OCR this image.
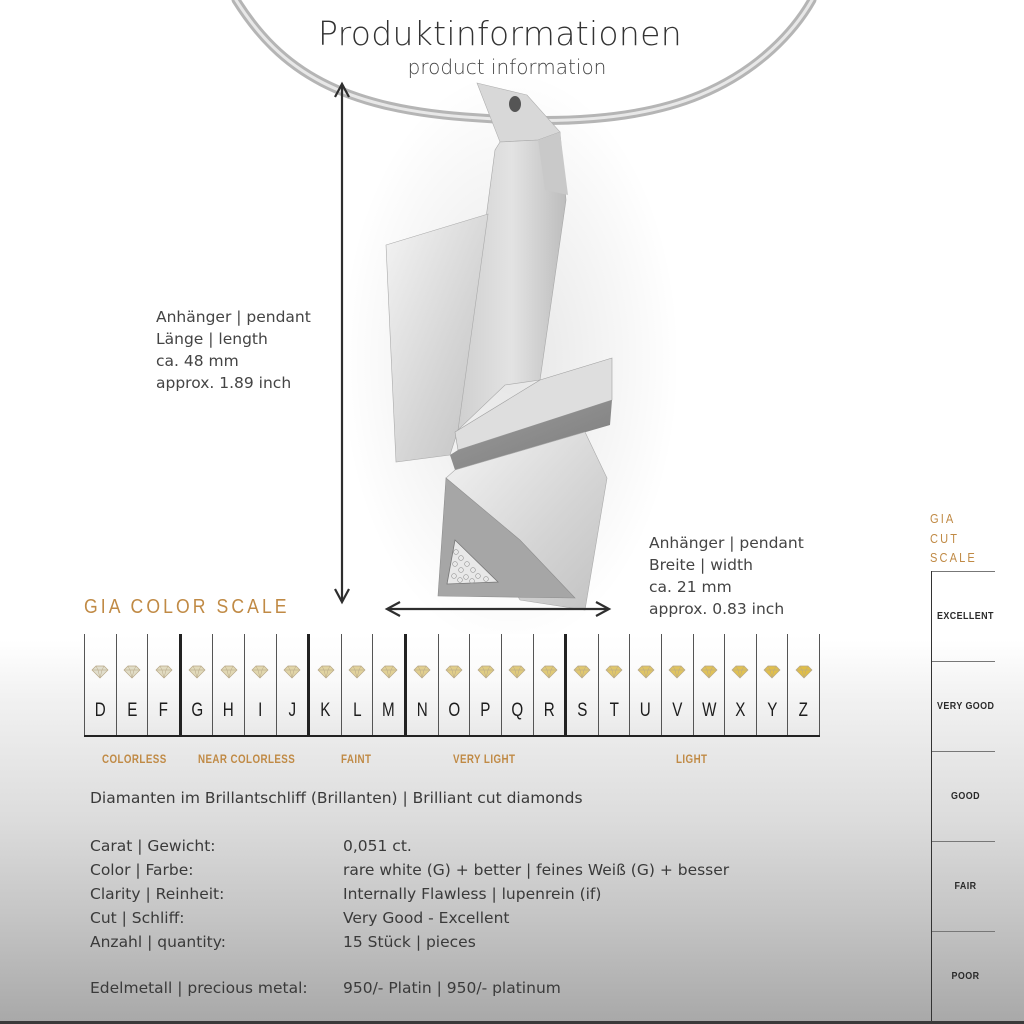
Produktinformationen
product information
Anhänger | pendant
Länge | length
ca. 48 mm
approx. 1.89 inch
Anhänger | pendant
Breite | width
ca. 21 mm
approx. 0.83 inch
GIA COLOR SCALE
D	E	F	G	H	I	J	K	L	M	N	O	P	Q	R	S	T	U	V	W	X	Y	Z
COLORLESS	NEAR COLORLESS	FAINT	VERY LIGHT	LIGHT
Diamanten im Brillantschliff (Brillanten) | Brilliant cut diamonds
Carat | Gewicht:	0,051 ct.
Color | Farbe:	rare white (G) + better | feines Weiß (G) + besser
Clarity | Reinheit:	Internally Flawless | lupenrein (if)
Cut | Schliff:	Very Good - Excellent
Anzahl | quantity:	15 Stück | pieces
Edelmetall | precious metal:	950/- Platin | 950/- platinum
GIA
CUT
SCALE
EXCELLENT
VERY GOOD
GOOD
FAIR
POOR
